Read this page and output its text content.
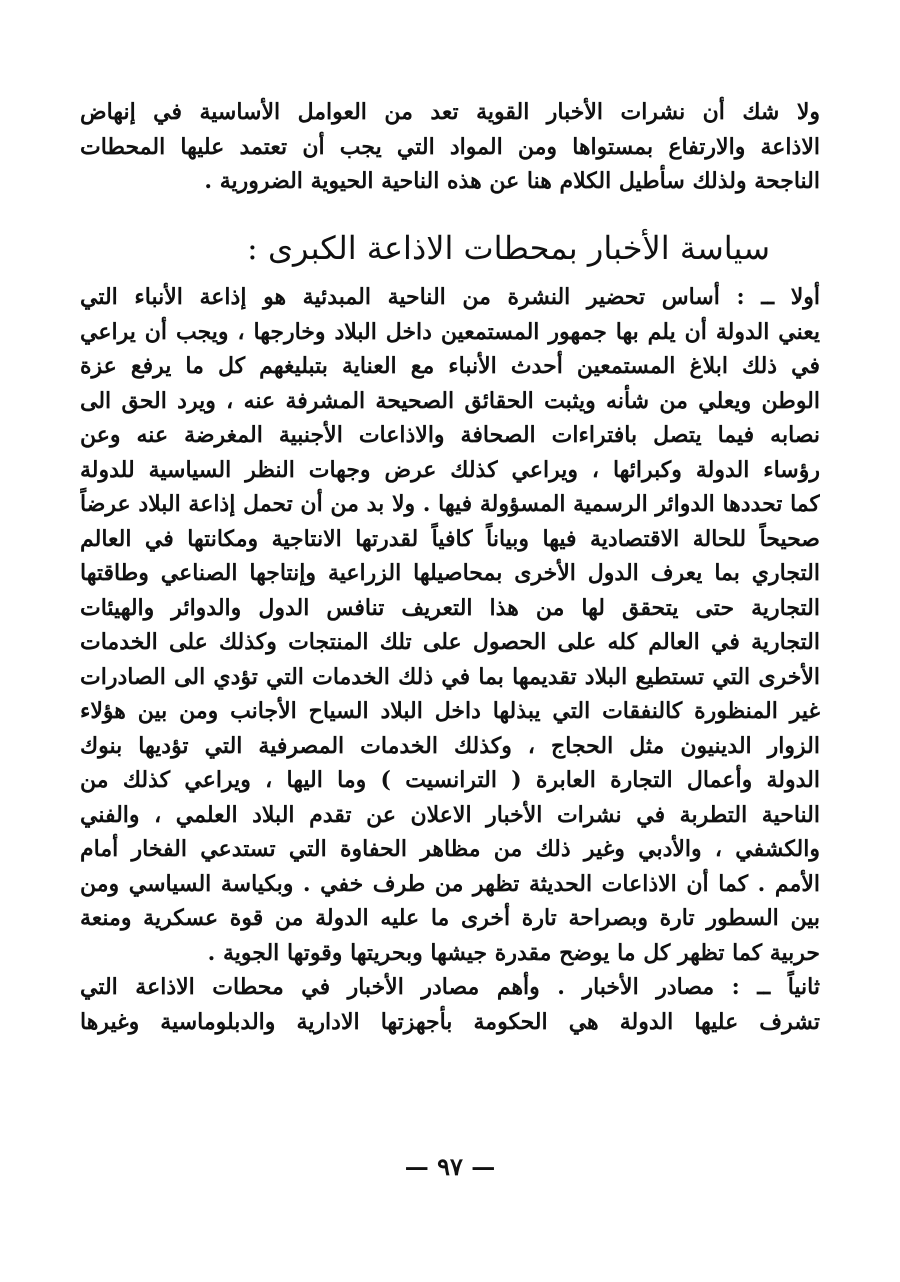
ولا شك أن نشرات الأخبار القوية تعد من العوامل الأساسية في إنهاض
الاذاعة والارتفاع بمستواها ومن المواد التي يجب أن تعتمد عليها المحطات
الناجحة ولذلك سأطيل الكلام هنا عن هذه الناحية الحيوية الضرورية .
سياسة الأخبار بمحطات الاذاعة الكبرى :
أولا ــ : أساس تحضير النشرة من الناحية المبدئية هو إذاعة الأنباء التي
يعني الدولة أن يلم بها جمهور المستمعين داخل البلاد وخارجها ، ويجب أن يراعي
في ذلك ابلاغ المستمعين أحدث الأنباء مع العناية بتبليغهم كل ما يرفع عزة
الوطن ويعلي من شأنه ويثبت الحقائق الصحيحة المشرفة عنه ، ويرد الحق الى
نصابه فيما يتصل بافتراءات الصحافة والاذاعات الأجنبية المغرضة عنه وعن
رؤساء الدولة وكبرائها ، ويراعي كذلك عرض وجهات النظر السياسية للدولة
كما تحددها الدوائر الرسمية المسؤولة فيها . ولا بد من أن تحمل إذاعة البلاد عرضاً
صحيحاً للحالة الاقتصادية فيها وبياناً كافياً لقدرتها الانتاجية ومكانتها في العالم
التجاري بما يعرف الدول الأخرى بمحاصيلها الزراعية وإنتاجها الصناعي وطاقتها
التجارية حتى يتحقق لها من هذا التعريف تنافس الدول والدوائر والهيئات
التجارية في العالم كله على الحصول على تلك المنتجات وكذلك على الخدمات
الأخرى التي تستطيع البلاد تقديمها بما في ذلك الخدمات التي تؤدي الى الصادرات
غير المنظورة كالنفقات التي يبذلها داخل البلاد السياح الأجانب ومن بين هؤلاء
الزوار الدينيون مثل الحجاج ، وكذلك الخدمات المصرفية التي تؤديها بنوك
الدولة وأعمال التجارة العابرة ( الترانسيت ) وما اليها ، ويراعي كذلك من
الناحية التطربة في نشرات الأخبار الاعلان عن تقدم البلاد العلمي ، والفني
والكشفي ، والأدبي وغير ذلك من مظاهر الحفاوة التي تستدعي الفخار أمام
الأمم . كما أن الاذاعات الحديثة تظهر من طرف خفي . وبكياسة السياسي ومن
بين السطور تارة وبصراحة تارة أخرى ما عليه الدولة من قوة عسكرية ومنعة
حربية كما تظهر كل ما يوضح مقدرة جيشها وبحريتها وقوتها الجوية .
ثانياً ــ : مصادر الأخبار . وأهم مصادر الأخبار في محطات الاذاعة التي
تشرف عليها الدولة هي الحكومة بأجهزتها الادارية والدبلوماسية وغيرها
— ٩٧ —
